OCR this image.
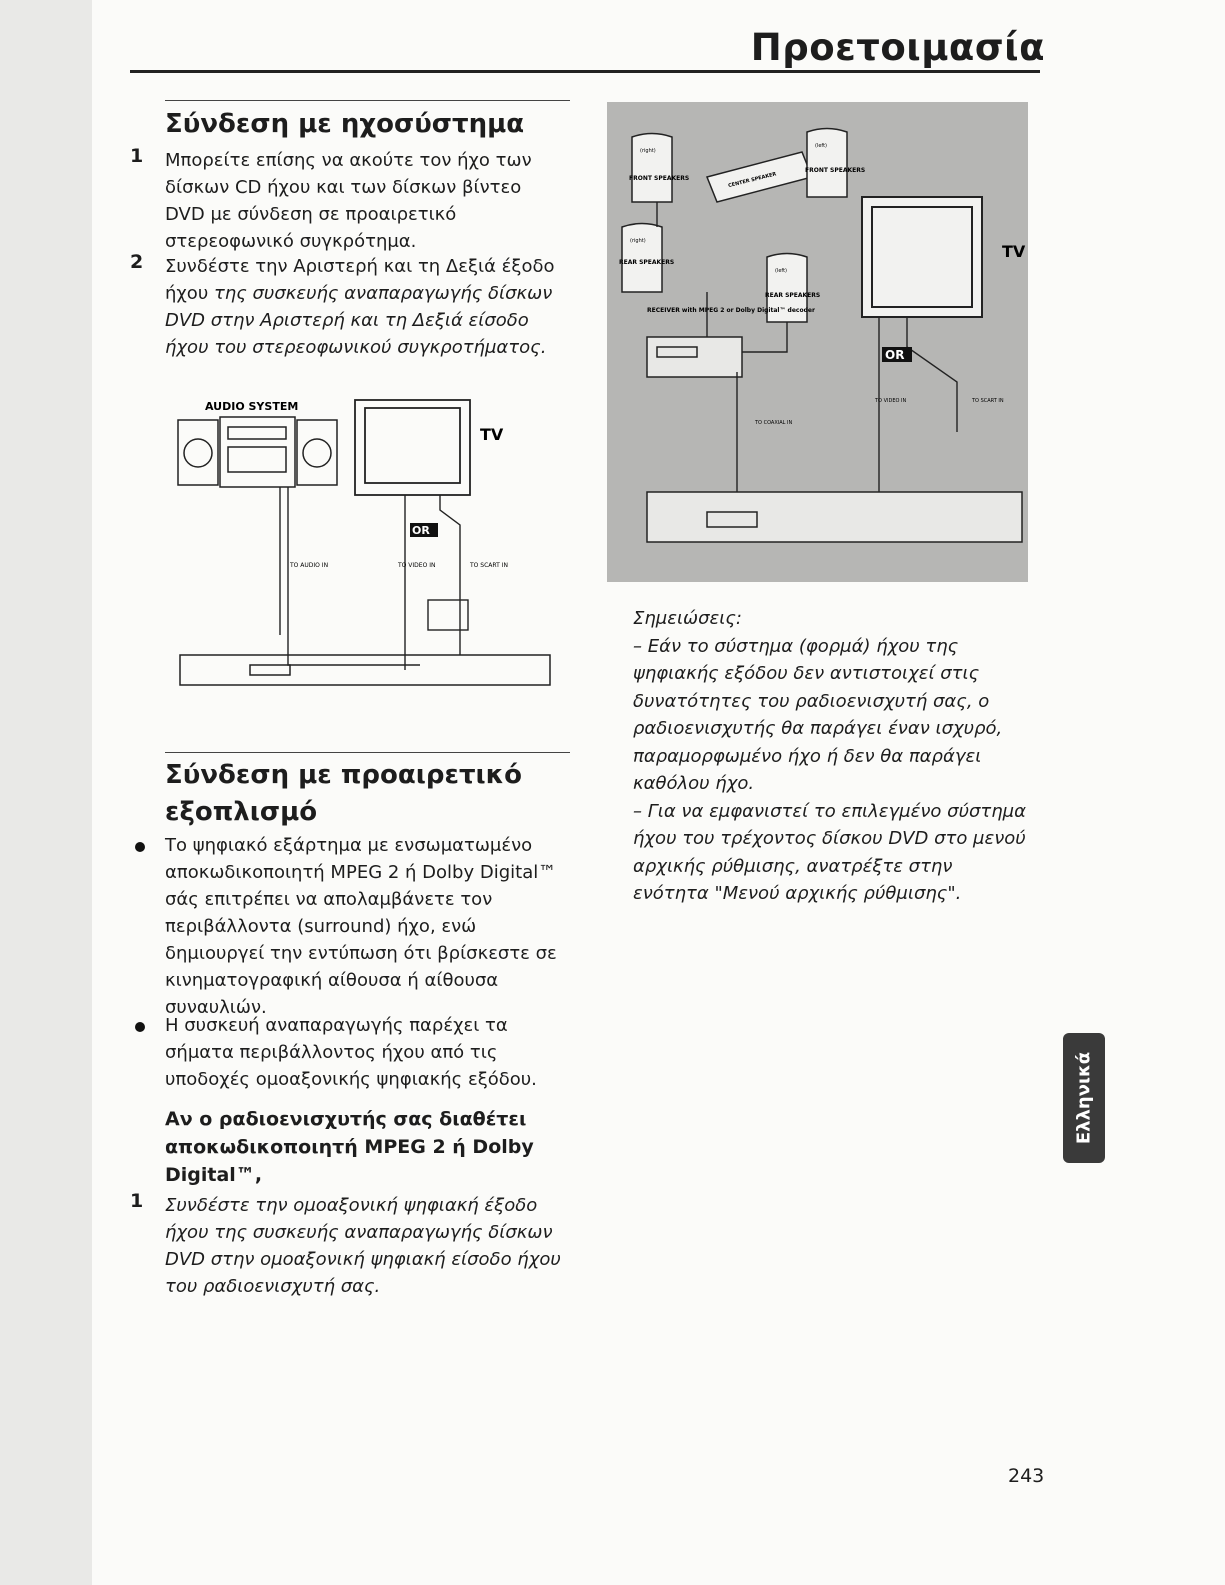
Προετοιμασία
Σύνδεση με ηχοσύστημα
1 Μπορείτε επίσης να ακούτε τον ήχο των δίσκων CD ήχου και των δίσκων βίντεο DVD με σύνδεση σε προαιρετικό στερεοφωνικό συγκρότημα.
2 Συνδέστε την Αριστερή και τη Δεξιά έξοδο ήχου της συσκευής αναπαραγωγής δίσκων DVD στην Αριστερή και τη Δεξιά είσοδο ήχου του στερεοφωνικού συγκροτήματος.
AUDIO SYSTEM
TV
OR
TO AUDIO IN	TO VIDEO IN	TO SCART IN
Σύνδεση με προαιρετικό
εξοπλισμό
Το ψηφιακό εξάρτημα με ενσωματωμένο αποκωδικοποιητή MPEG 2 ή Dolby Digital™ σάς επιτρέπει να απολαμβάνετε τον περιβάλλοντα (surround) ήχο, ενώ δημιουργεί την εντύπωση ότι βρίσκεστε σε κινηματογραφική αίθουσα ή αίθουσα συναυλιών.
Η συσκευή αναπαραγωγής παρέχει τα σήματα περιβάλλοντος ήχου από τις υποδοχές ομοαξονικής ψηφιακής εξόδου.
Αν ο ραδιοενισχυτής σας διαθέτει αποκωδικοποιητή MPEG 2 ή Dolby Digital™,
1 Συνδέστε την ομοαξονική ψηφιακή έξοδο ήχου της συσκευής αναπαραγωγής δίσκων DVD στην ομοαξονική ψηφιακή είσοδο ήχου του ραδιοενισχυτή σας.
(right)
FRONT SPEAKERS	CENTER SPEAKER
(left)
FRONT SPEAKERS
(right)
REAR SPEAKERS
(left)
REAR SPEAKERS
RECEIVER with MPEG 2 or Dolby Digital™ decoder
TV
OR
TO COAXIAL IN
TO VIDEO IN	TO SCART IN

Σημειώσεις:

– Εάν το σύστημα (φορμά) ήχου της ψηφιακής εξόδου δεν αντιστοιχεί στις δυνατότητες του ραδιοενισχυτή σας, ο ραδιοενισχυτής θα παράγει έναν ισχυρό, παραμορφωμένο ήχο ή δεν θα παράγει καθόλου ήχο.

– Για να εμφανιστεί το επιλεγμένο σύστημα ήχου του τρέχοντος δίσκου DVD στο μενού αρχικής ρύθμισης, ανατρέξτε στην ενότητα "Μενού αρχικής ρύθμισης".

Ελληνικά
243
